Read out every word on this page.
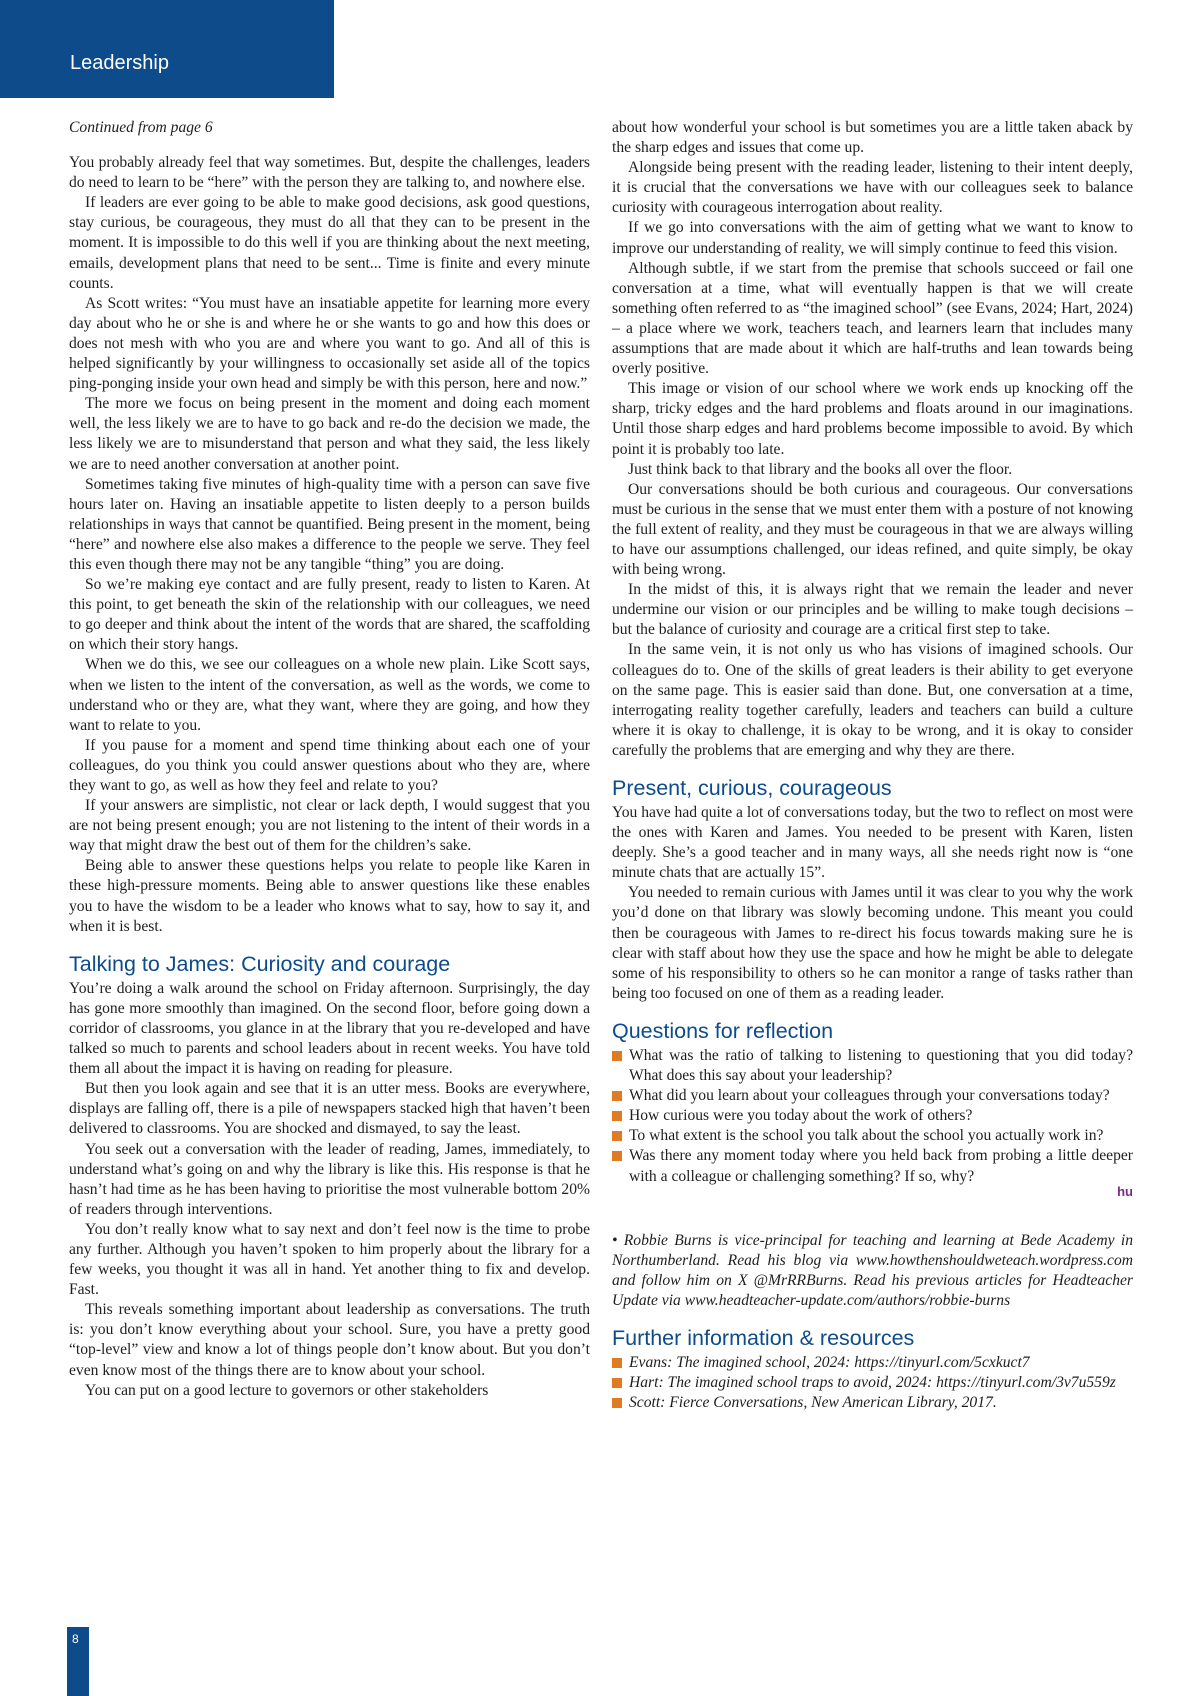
Leadership

Continued from page 6

You probably already feel that way sometimes. But, despite the challenges, leaders do need to learn to be “here” with the person they are talking to, and nowhere else.

If leaders are ever going to be able to make good decisions, ask good questions, stay curious, be courageous, they must do all that they can to be present in the moment. It is impossible to do this well if you are thinking about the next meeting, emails, development plans that need to be sent... Time is finite and every minute counts.

As Scott writes: “You must have an insatiable appetite for learning more every day about who he or she is and where he or she wants to go and how this does or does not mesh with who you are and where you want to go. And all of this is helped significantly by your willingness to occasionally set aside all of the topics ping-ponging inside your own head and simply be with this person, here and now.”

The more we focus on being present in the moment and doing each moment well, the less likely we are to have to go back and re-do the decision we made, the less likely we are to misunderstand that person and what they said, the less likely we are to need another conversation at another point.

Sometimes taking five minutes of high-quality time with a person can save five hours later on. Having an insatiable appetite to listen deeply to a person builds relationships in ways that cannot be quantified. Being present in the moment, being “here” and nowhere else also makes a difference to the people we serve. They feel this even though there may not be any tangible “thing” you are doing.

So we’re making eye contact and are fully present, ready to listen to Karen. At this point, to get beneath the skin of the relationship with our colleagues, we need to go deeper and think about the intent of the words that are shared, the scaffolding on which their story hangs.

When we do this, we see our colleagues on a whole new plain. Like Scott says, when we listen to the intent of the conversation, as well as the words, we come to understand who or they are, what they want, where they are going, and how they want to relate to you.

If you pause for a moment and spend time thinking about each one of your colleagues, do you think you could answer questions about who they are, where they want to go, as well as how they feel and relate to you?

If your answers are simplistic, not clear or lack depth, I would suggest that you are not being present enough; you are not listening to the intent of their words in a way that might draw the best out of them for the children’s sake.

Being able to answer these questions helps you relate to people like Karen in these high-pressure moments. Being able to answer questions like these enables you to have the wisdom to be a leader who knows what to say, how to say it, and when it is best.

Talking to James: Curiosity and courage

You’re doing a walk around the school on Friday afternoon. Surprisingly, the day has gone more smoothly than imagined. On the second floor, before going down a corridor of classrooms, you glance in at the library that you re-developed and have talked so much to parents and school leaders about in recent weeks. You have told them all about the impact it is having on reading for pleasure.

But then you look again and see that it is an utter mess. Books are everywhere, displays are falling off, there is a pile of newspapers stacked high that haven’t been delivered to classrooms. You are shocked and dismayed, to say the least.

You seek out a conversation with the leader of reading, James, immediately, to understand what’s going on and why the library is like this. His response is that he hasn’t had time as he has been having to prioritise the most vulnerable bottom 20% of readers through interventions.

You don’t really know what to say next and don’t feel now is the time to probe any further. Although you haven’t spoken to him properly about the library for a few weeks, you thought it was all in hand. Yet another thing to fix and develop. Fast.

This reveals something important about leadership as conversations. The truth is: you don’t know everything about your school. Sure, you have a pretty good “top-level” view and know a lot of things people don’t know about. But you don’t even know most of the things there are to know about your school.

You can put on a good lecture to governors or other stakeholders

about how wonderful your school is but sometimes you are a little taken aback by the sharp edges and issues that come up.

Alongside being present with the reading leader, listening to their intent deeply, it is crucial that the conversations we have with our colleagues seek to balance curiosity with courageous interrogation about reality.

If we go into conversations with the aim of getting what we want to know to improve our understanding of reality, we will simply continue to feed this vision.

Although subtle, if we start from the premise that schools succeed or fail one conversation at a time, what will eventually happen is that we will create something often referred to as “the imagined school” (see Evans, 2024; Hart, 2024) – a place where we work, teachers teach, and learners learn that includes many assumptions that are made about it which are half-truths and lean towards being overly positive.

This image or vision of our school where we work ends up knocking off the sharp, tricky edges and the hard problems and floats around in our imaginations. Until those sharp edges and hard problems become impossible to avoid. By which point it is probably too late.

Just think back to that library and the books all over the floor.

Our conversations should be both curious and courageous. Our conversations must be curious in the sense that we must enter them with a posture of not knowing the full extent of reality, and they must be courageous in that we are always willing to have our assumptions challenged, our ideas refined, and quite simply, be okay with being wrong.

In the midst of this, it is always right that we remain the leader and never undermine our vision or our principles and be willing to make tough decisions – but the balance of curiosity and courage are a critical first step to take.

In the same vein, it is not only us who has visions of imagined schools. Our colleagues do to. One of the skills of great leaders is their ability to get everyone on the same page. This is easier said than done. But, one conversation at a time, interrogating reality together carefully, leaders and teachers can build a culture where it is okay to challenge, it is okay to be wrong, and it is okay to consider carefully the problems that are emerging and why they are there.

Present, curious, courageous

You have had quite a lot of conversations today, but the two to reflect on most were the ones with Karen and James. You needed to be present with Karen, listen deeply. She’s a good teacher and in many ways, all she needs right now is “one minute chats that are actually 15”.

You needed to remain curious with James until it was clear to you why the work you’d done on that library was slowly becoming undone. This meant you could then be courageous with James to re-direct his focus towards making sure he is clear with staff about how they use the space and how he might be able to delegate some of his responsibility to others so he can monitor a range of tasks rather than being too focused on one of them as a reading leader.

Questions for reflection
What was the ratio of talking to listening to questioning that you did today? What does this say about your leadership?
What did you learn about your colleagues through your conversations today?
How curious were you today about the work of others?
To what extent is the school you talk about the school you actually work in?
Was there any moment today where you held back from probing a little deeper with a colleague or challenging something? If so, why?
hu

• Robbie Burns is vice-principal for teaching and learning at Bede Academy in Northumberland. Read his blog via www.howthenshouldweteach.wordpress.com and follow him on X @MrRRBurns. Read his previous articles for Headteacher Update via www.headteacher-update.com/authors/robbie-burns

Further information & resources
Evans: The imagined school, 2024: https://tinyurl.com/5cxkuct7
Hart: The imagined school traps to avoid, 2024: https://tinyurl.com/3v7u559z
Scott: Fierce Conversations, New American Library, 2017.
8
